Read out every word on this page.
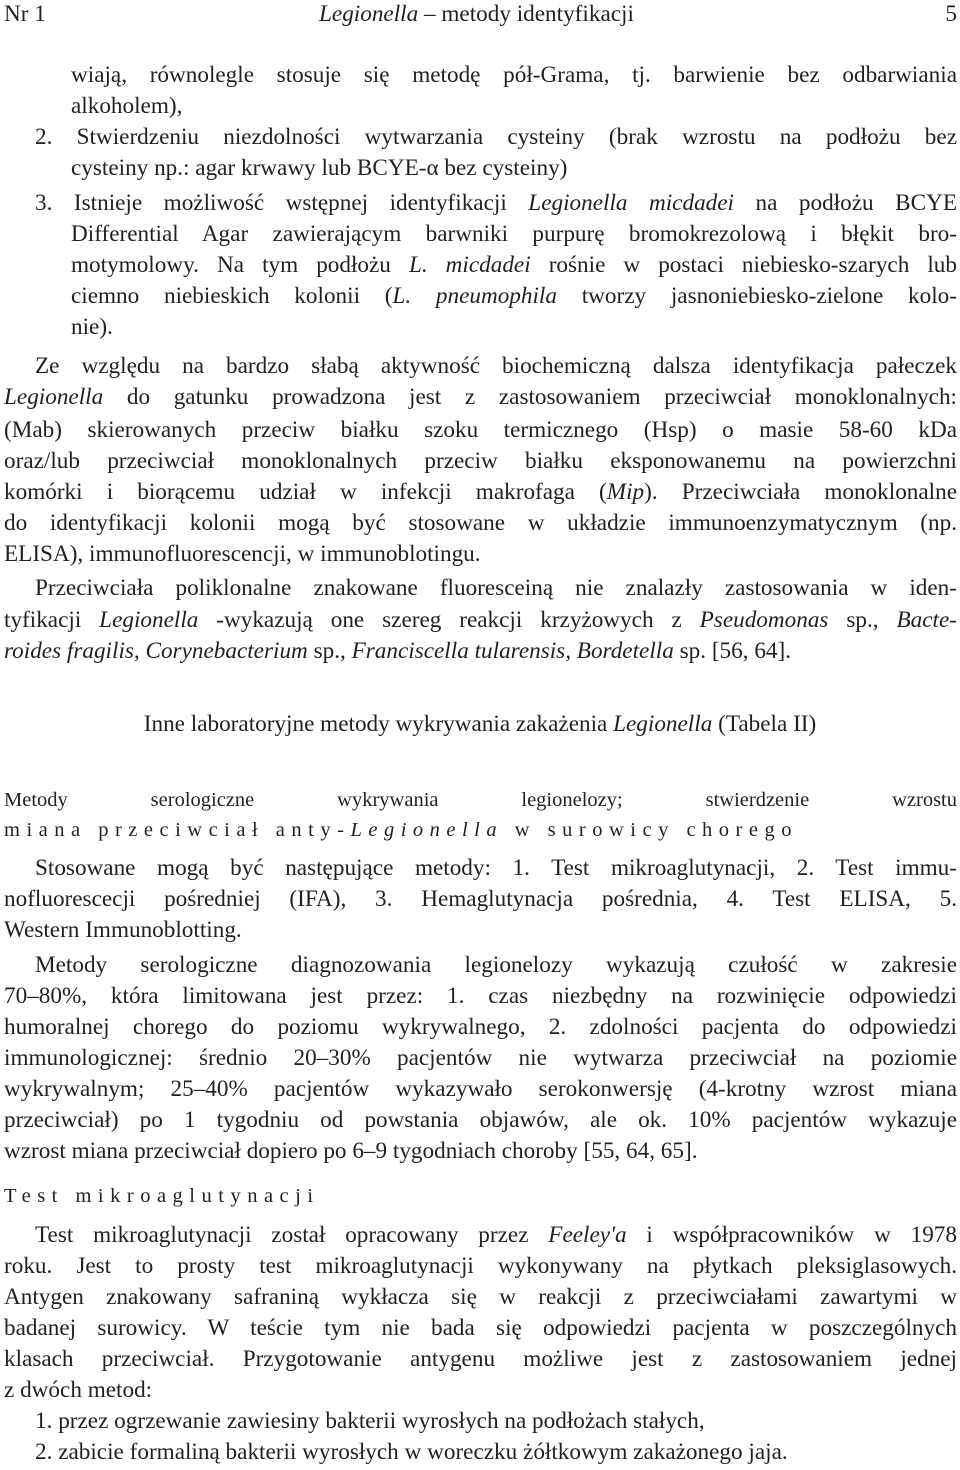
Nr 1	Legionella – metody identyfikacji	5
wiają, równolegle stosuje się metodę pół-Grama, tj. barwienie bez odbarwiania
alkoholem),
2. Stwierdzeniu niezdolności wytwarzania cysteiny (brak wzrostu na podłożu bez
cysteiny np.: agar krwawy lub BCYE-α bez cysteiny)
3. Istnieje możliwość wstępnej identyfikacji Legionella micdadei na podłożu BCYE
Differential Agar zawierającym barwniki purpurę bromokrezolową i błękit bro-
motymolowy. Na tym podłożu L. micdadei rośnie w postaci niebiesko-szarych lub
ciemno niebieskich kolonii (L. pneumophila tworzy jasnoniebiesko-zielone kolo-
nie).
Ze względu na bardzo słabą aktywność biochemiczną dalsza identyfikacja pałeczek
Legionella do gatunku prowadzona jest z zastosowaniem przeciwciał monoklonalnych:
(Mab) skierowanych przeciw białku szoku termicznego (Hsp) o masie 58-60 kDa
oraz/lub przeciwciał monoklonalnych przeciw białku eksponowanemu na powierzchni
komórki i biorącemu udział w infekcji makrofaga (Mip). Przeciwciała monoklonalne
do identyfikacji kolonii mogą być stosowane w układzie immunoenzymatycznym (np.
ELISA), immunofluorescencji, w immunoblotingu.
Przeciwciała poliklonalne znakowane fluoresceiną nie znalazły zastosowania w iden-
tyfikacji Legionella -wykazują one szereg reakcji krzyżowych z Pseudomonas sp., Bacte-
roides fragilis, Corynebacterium sp., Franciscella tularensis, Bordetella sp. [56, 64].
Inne laboratoryjne metody wykrywania zakażenia Legionella (Tabela II)
Metody serologiczne wykrywania legionelozy; stwierdzenie wzrostu
miana przeciwciał anty-Legionella w surowicy chorego
Stosowane mogą być następujące metody: 1. Test mikroaglutynacji, 2. Test immu-
nofluorescecji pośredniej (IFA), 3. Hemaglutynacja pośrednia, 4. Test ELISA, 5.
Western Immunoblotting.
Metody serologiczne diagnozowania legionelozy wykazują czułość w zakresie
70–80%, która limitowana jest przez: 1. czas niezbędny na rozwinięcie odpowiedzi
humoralnej chorego do poziomu wykrywalnego, 2. zdolności pacjenta do odpowiedzi
immunologicznej: średnio 20–30% pacjentów nie wytwarza przeciwciał na poziomie
wykrywalnym; 25–40% pacjentów wykazywało serokonwersję (4-krotny wzrost miana
przeciwciał) po 1 tygodniu od powstania objawów, ale ok. 10% pacjentów wykazuje
wzrost miana przeciwciał dopiero po 6–9 tygodniach choroby [55, 64, 65].
Test mikroaglutynacji
Test mikroaglutynacji został opracowany przez Feeley'a i współpracowników w 1978
roku. Jest to prosty test mikroaglutynacji wykonywany na płytkach pleksiglasowych.
Antygen znakowany safraniną wykłacza się w reakcji z przeciwciałami zawartymi w
badanej surowicy. W teście tym nie bada się odpowiedzi pacjenta w poszczególnych
klasach przeciwciał. Przygotowanie antygenu możliwe jest z zastosowaniem jednej
z dwóch metod:
1. przez ogrzewanie zawiesiny bakterii wyrosłych na podłożach stałych,
2. zabicie formaliną bakterii wyrosłych w woreczku żółtkowym zakażonego jaja.
